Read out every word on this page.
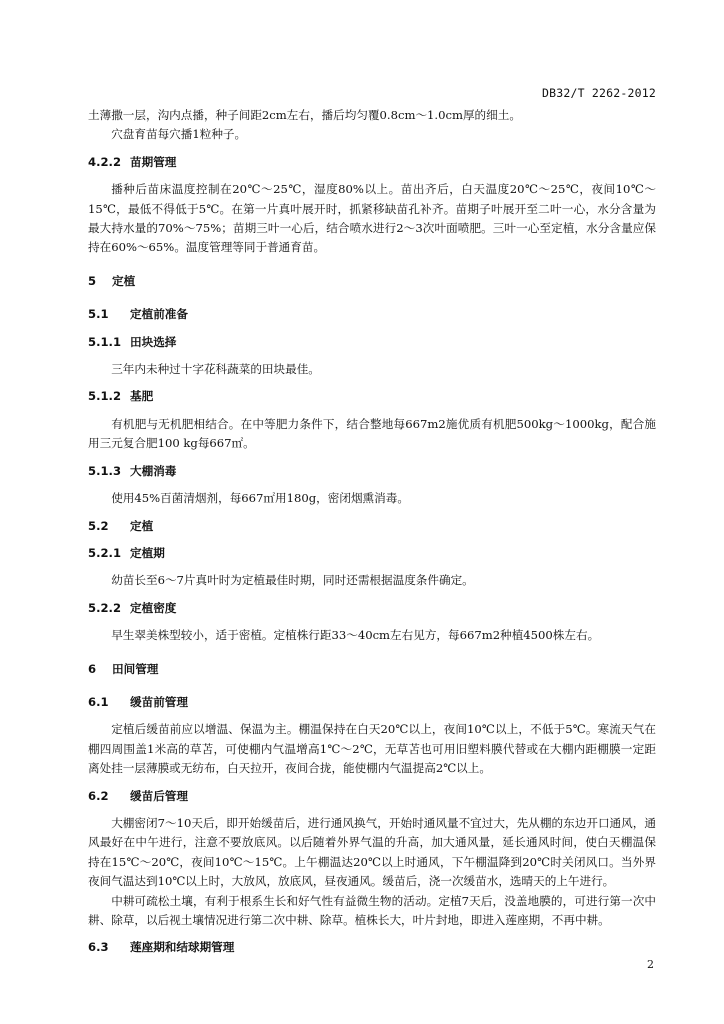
DB32/T 2262-2012

土薄撒一层，沟内点播，种子间距2cm左右，播后均匀覆0.8cm～1.0cm厚的细土。

穴盘育苗每穴播1粒种子。

4.2.2 苗期管理

播种后苗床温度控制在20℃～25℃，湿度80%以上。苗出齐后，白天温度20℃～25℃，夜间10℃～15℃，最低不得低于5℃。在第一片真叶展开时，抓紧移缺苗孔补齐。苗期子叶展开至二叶一心，水分含量为最大持水量的70%～75%；苗期三叶一心后，结合喷水进行2～3次叶面喷肥。三叶一心至定植，水分含量应保持在60%～65%。温度管理等同于普通育苗。

5 定植
5.1 定植前准备
5.1.1 田块选择

三年内未种过十字花科蔬菜的田块最佳。

5.1.2 基肥

有机肥与无机肥相结合。在中等肥力条件下，结合整地每667m2施优质有机肥500kg～1000kg，配合施用三元复合肥100 kg每667㎡。

5.1.3 大棚消毒

使用45%百菌清烟剂，每667㎡用180g，密闭烟熏消毒。

5.2 定植
5.2.1 定植期

幼苗长至6～7片真叶时为定植最佳时期，同时还需根据温度条件确定。

5.2.2 定植密度

早生翠美株型较小，适于密植。定植株行距33～40cm左右见方，每667m2种植4500株左右。

6 田间管理
6.1 缓苗前管理

定植后缓苗前应以增温、保温为主。棚温保持在白天20℃以上，夜间10℃以上，不低于5℃。寒流天气在棚四周围盖1米高的草苫，可使棚内气温增高1℃～2℃，无草苫也可用旧塑料膜代替或在大棚内距棚膜一定距离处挂一层薄膜或无纺布，白天拉开，夜间合拢，能使棚内气温提高2℃以上。

6.2 缓苗后管理

大棚密闭7～10天后，即开始缓苗后，进行通风换气，开始时通风量不宜过大，先从棚的东边开口通风，通风最好在中午进行，注意不要放底风。以后随着外界气温的升高，加大通风量，延长通风时间，使白天棚温保持在15℃～20℃，夜间10℃～15℃。上午棚温达20℃以上时通风，下午棚温降到20℃时关闭风口。当外界夜间气温达到10℃以上时，大放风，放底风，昼夜通风。缓苗后，浇一次缓苗水，选晴天的上午进行。

中耕可疏松土壤，有利于根系生长和好气性有益微生物的活动。定植7天后，没盖地膜的，可进行第一次中耕、除草，以后视土壤情况进行第二次中耕、除草。植株长大，叶片封地，即进入莲座期，不再中耕。

6.3 莲座期和结球期管理
2
